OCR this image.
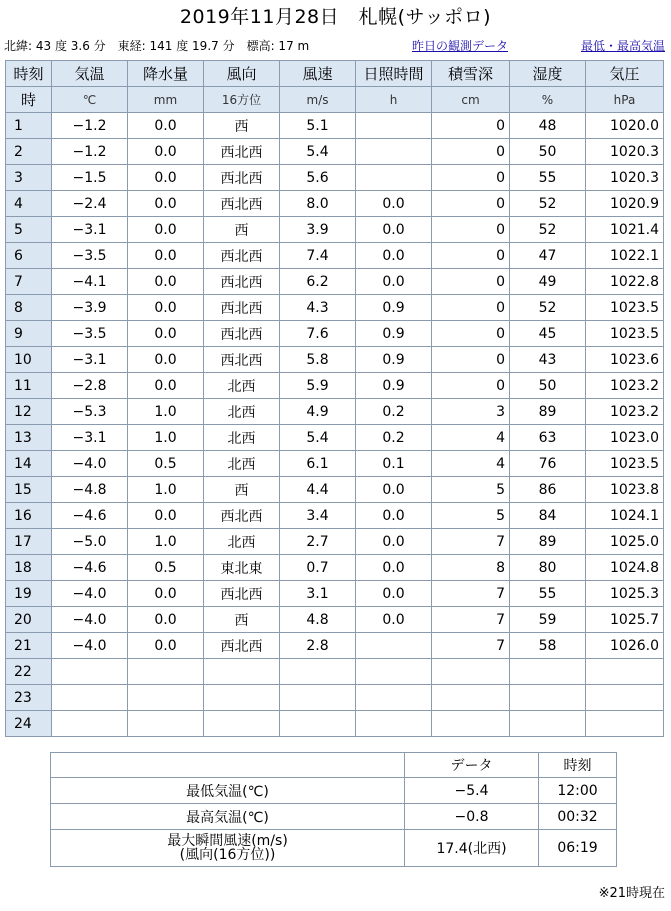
2019年11月28日　札幌(サッポロ)
北緯: 43 度 3.6 分　東経: 141 度 19.7 分　標高: 17 m	昨日の観測データ	最低・最高気温
時刻	気温	降水量	風向	風速	日照時間	積雪深	湿度	気圧
時	℃	mm	16方位	m/s	h	cm	%	hPa
1	−1.2	0.0	西	5.1		0	48	1020.0
2	−1.2	0.0	西北西	5.4		0	50	1020.3
3	−1.5	0.0	西北西	5.6		0	55	1020.3
4	−2.4	0.0	西北西	8.0	0.0	0	52	1020.9
5	−3.1	0.0	西	3.9	0.0	0	52	1021.4
6	−3.5	0.0	西北西	7.4	0.0	0	47	1022.1
7	−4.1	0.0	西北西	6.2	0.0	0	49	1022.8
8	−3.9	0.0	西北西	4.3	0.9	0	52	1023.5
9	−3.5	0.0	西北西	7.6	0.9	0	45	1023.5
10	−3.1	0.0	西北西	5.8	0.9	0	43	1023.6
11	−2.8	0.0	北西	5.9	0.9	0	50	1023.2
12	−5.3	1.0	北西	4.9	0.2	3	89	1023.2
13	−3.1	1.0	北西	5.4	0.2	4	63	1023.0
14	−4.0	0.5	北西	6.1	0.1	4	76	1023.5
15	−4.8	1.0	西	4.4	0.0	5	86	1023.8
16	−4.6	0.0	西北西	3.4	0.0	5	84	1024.1
17	−5.0	1.0	北西	2.7	0.0	7	89	1025.0
18	−4.6	0.5	東北東	0.7	0.0	8	80	1024.8
19	−4.0	0.0	西北西	3.1	0.0	7	55	1025.3
20	−4.0	0.0	西	4.8	0.0	7	59	1025.7
21	−4.0	0.0	西北西	2.8		7	58	1026.0
22								
23								
24								
	データ	時刻
最低気温(℃)	−5.4	12:00
最高気温(℃)	−0.8	00:32

最大瞬間風速(m/s)
(風向(16方位))	17.4(北西)	06:19
※21時現在
